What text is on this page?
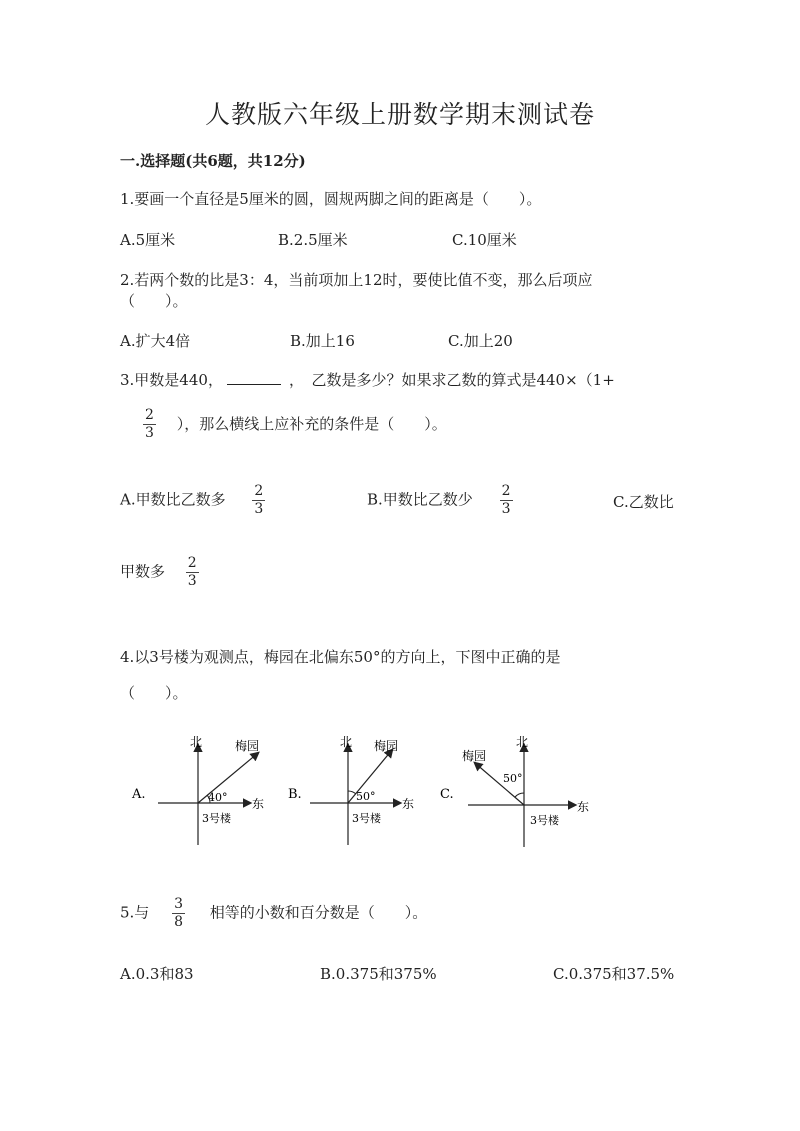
人教版六年级上册数学期末测试卷
一.选择题(共6题，共12分)
1.要画一个直径是5厘米的圆，圆规两脚之间的距离是（　　）。
A.5厘米	B.2.5厘米	C.10厘米
2.若两个数的比是3：4，当前项加上12时，要使比值不变，那么后项应
（　　）。
A.扩大4倍	B.加上16	C.加上20
3.甲数是440，	，　乙数是多少？如果求乙数的算式是440×（1+
$\frac{2}{3}$ ），那么横线上应补充的条件是（　　）。
A.甲数比乙数多 $\frac{2}{3}$	B.甲数比乙数少 $\frac{2}{3}$	C.乙数比
甲数多 $\frac{2}{3}$
4.以3号楼为观测点，梅园在北偏东50°的方向上，下图中正确的是
（　　）。
A.
北
东
梅园
40°
3号楼
B.
北
东
梅园
50°
3号楼
C.
北
东
梅园
50°
3号楼
5.与 $\frac{3}{8}$ 相等的小数和百分数是（　　）。
A.0.3和83	B.0.375和375%	C.0.375和37.5%
